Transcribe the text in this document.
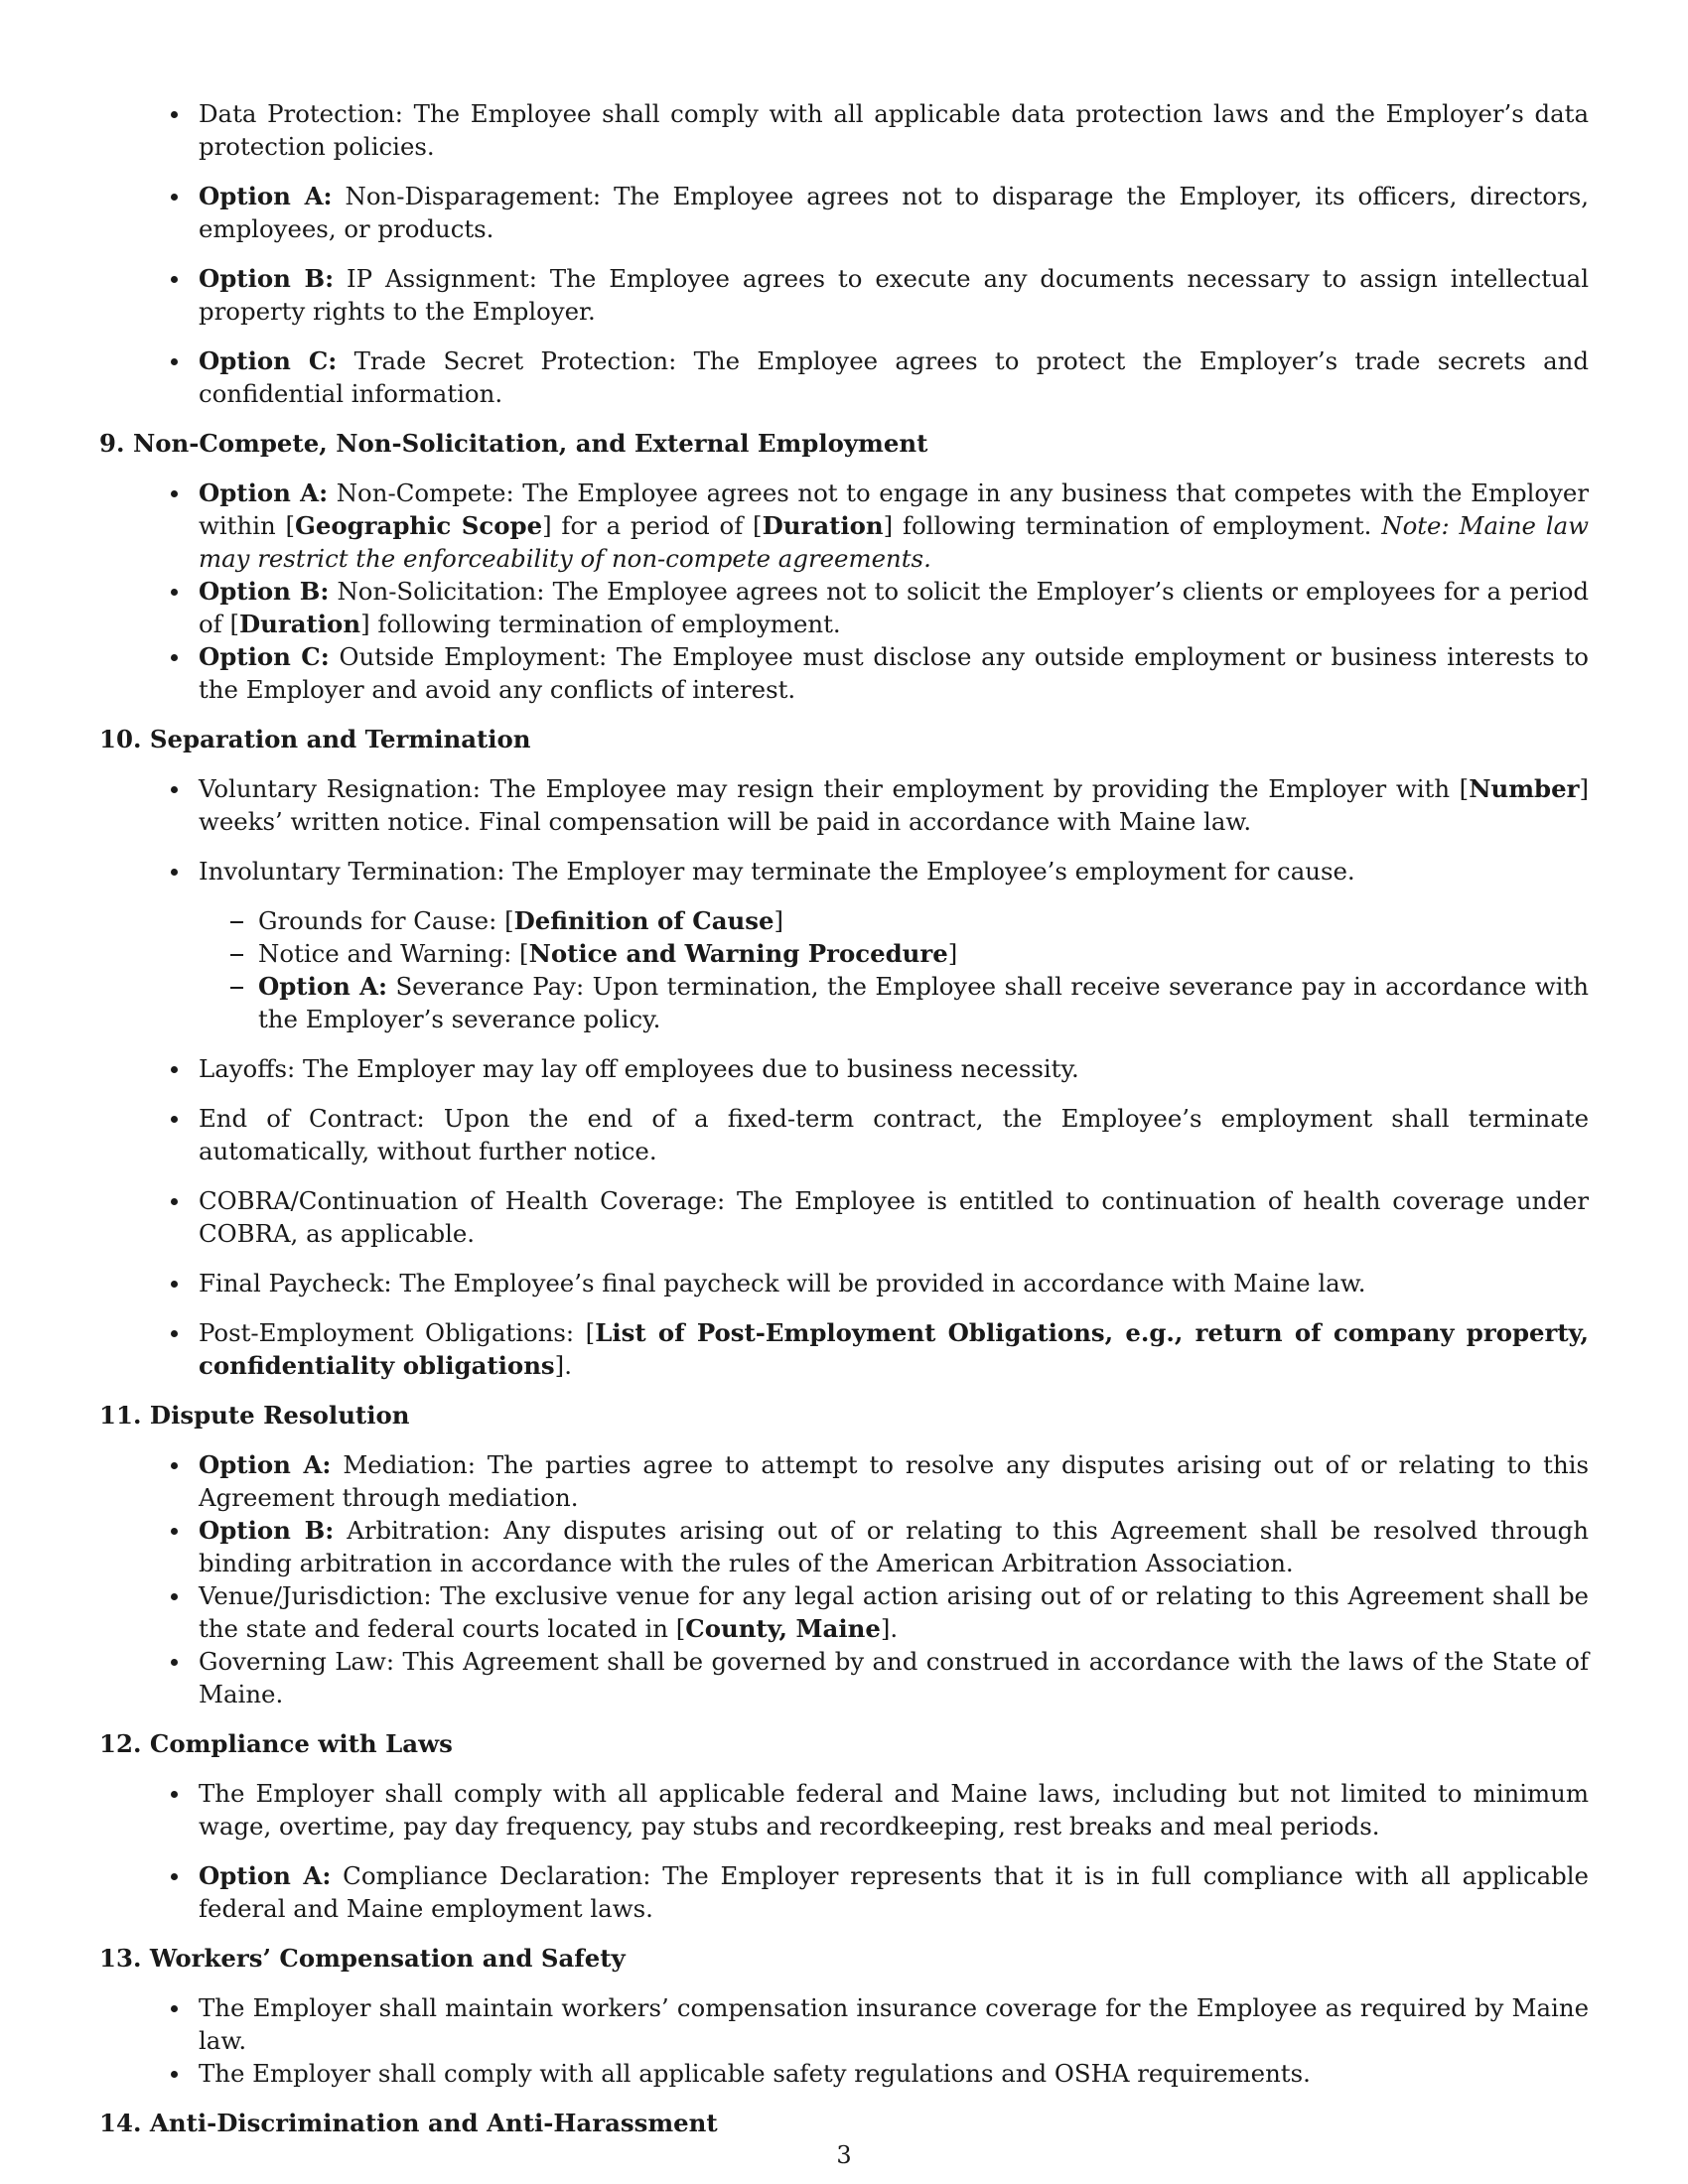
Data Protection: The Employee shall comply with all applicable data protection laws and the Employer’s data protection policies.
Option A: Non-Disparagement: The Employee agrees not to disparage the Employer, its officers, directors, employees, or products.
Option B: IP Assignment: The Employee agrees to execute any documents necessary to assign intellectual property rights to the Employer.
Option C: Trade Secret Protection: The Employee agrees to protect the Employer’s trade secrets and confidential information.
9. Non-Compete, Non-Solicitation, and External Employment
Option A: Non-Compete: The Employee agrees not to engage in any business that competes with the Employer within [Geographic Scope] for a period of [Duration] following termination of employment. Note: Maine law may restrict the enforceability of non-compete agreements.
Option B: Non-Solicitation: The Employee agrees not to solicit the Employer’s clients or employees for a period of [Duration] following termination of employment.
Option C: Outside Employment: The Employee must disclose any outside employment or business interests to the Employer and avoid any conflicts of interest.
10. Separation and Termination
Voluntary Resignation: The Employee may resign their employment by providing the Employer with [Number] weeks’ written notice. Final compensation will be paid in accordance with Maine law.
Involuntary Termination: The Employer may terminate the Employee’s employment for cause.
Grounds for Cause: [Definition of Cause]
Notice and Warning: [Notice and Warning Procedure]
Option A: Severance Pay: Upon termination, the Employee shall receive severance pay in accordance with the Employer’s severance policy.
Layoffs: The Employer may lay off employees due to business necessity.
End of Contract: Upon the end of a fixed-term contract, the Employee’s employment shall terminate automatically, without further notice.
COBRA/Continuation of Health Coverage: The Employee is entitled to continuation of health coverage under COBRA, as applicable.
Final Paycheck: The Employee’s final paycheck will be provided in accordance with Maine law.
Post-Employment Obligations: [List of Post-Employment Obligations, e.g., return of company property, confidentiality obligations].
11. Dispute Resolution
Option A: Mediation: The parties agree to attempt to resolve any disputes arising out of or relating to this Agreement through mediation.
Option B: Arbitration: Any disputes arising out of or relating to this Agreement shall be resolved through binding arbitration in accordance with the rules of the American Arbitration Association.
Venue/Jurisdiction: The exclusive venue for any legal action arising out of or relating to this Agreement shall be the state and federal courts located in [County, Maine].
Governing Law: This Agreement shall be governed by and construed in accordance with the laws of the State of Maine.
12. Compliance with Laws
The Employer shall comply with all applicable federal and Maine laws, including but not limited to minimum wage, overtime, pay day frequency, pay stubs and recordkeeping, rest breaks and meal periods.
Option A: Compliance Declaration: The Employer represents that it is in full compliance with all applicable federal and Maine employment laws.
13. Workers’ Compensation and Safety
The Employer shall maintain workers’ compensation insurance coverage for the Employee as required by Maine law.
The Employer shall comply with all applicable safety regulations and OSHA requirements.
14. Anti-Discrimination and Anti-Harassment
3
